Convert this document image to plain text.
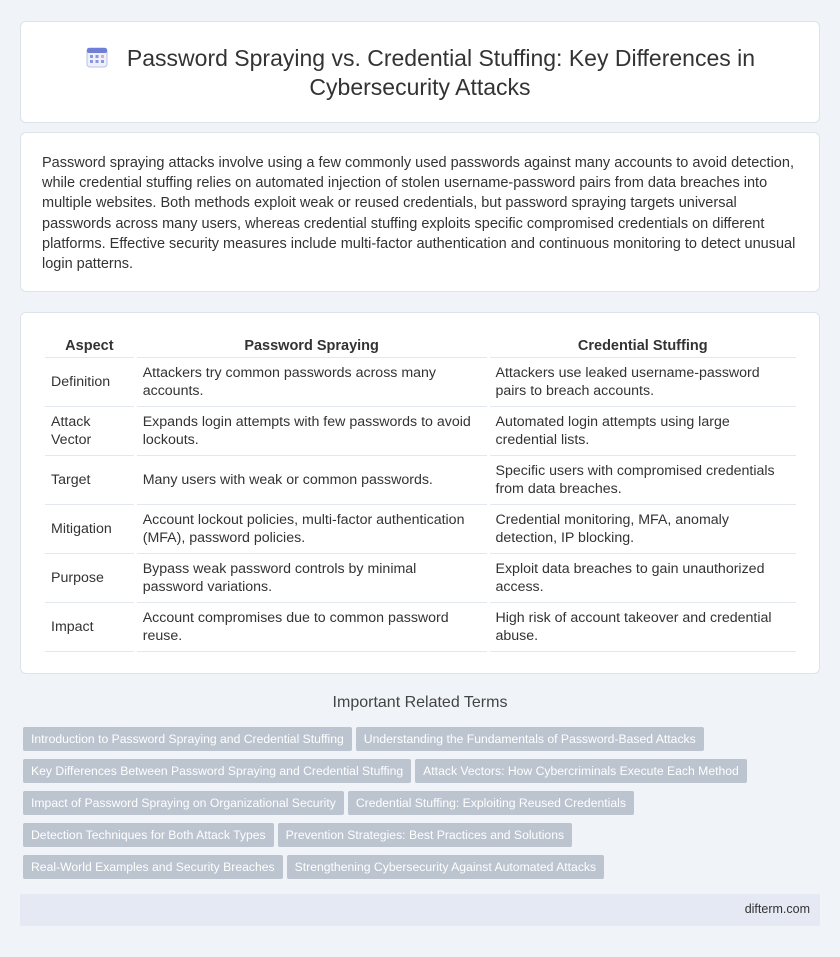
Password Spraying vs. Credential Stuffing: Key Differences in Cybersecurity Attacks

Password spraying attacks involve using a few commonly used passwords against many accounts to avoid detection, while credential stuffing relies on automated injection of stolen username-password pairs from data breaches into multiple websites. Both methods exploit weak or reused credentials, but password spraying targets universal passwords across many users, whereas credential stuffing exploits specific compromised credentials on different platforms. Effective security measures include multi-factor authentication and continuous monitoring to detect unusual login patterns.

Aspect	Password Spraying	Credential Stuffing
Definition	Attackers try common passwords across many accounts.	Attackers use leaked username-password pairs to breach accounts.
Attack Vector	Expands login attempts with few passwords to avoid lockouts.	Automated login attempts using large credential lists.
Target	Many users with weak or common passwords.	Specific users with compromised credentials from data breaches.
Mitigation	Account lockout policies, multi-factor authentication (MFA), password policies.	Credential monitoring, MFA, anomaly detection, IP blocking.
Purpose	Bypass weak password controls by minimal password variations.	Exploit data breaches to gain unauthorized access.
Impact	Account compromises due to common password reuse.	High risk of account takeover and credential abuse.
Important Related Terms
Introduction to Password Spraying and Credential Stuffing Understanding the Fundamentals of Password-Based Attacks
Key Differences Between Password Spraying and Credential Stuffing Attack Vectors: How Cybercriminals Execute Each Method
Impact of Password Spraying on Organizational Security Credential Stuffing: Exploiting Reused Credentials
Detection Techniques for Both Attack Types Prevention Strategies: Best Practices and Solutions
Real-World Examples and Security Breaches Strengthening Cybersecurity Against Automated Attacks
difterm.com
